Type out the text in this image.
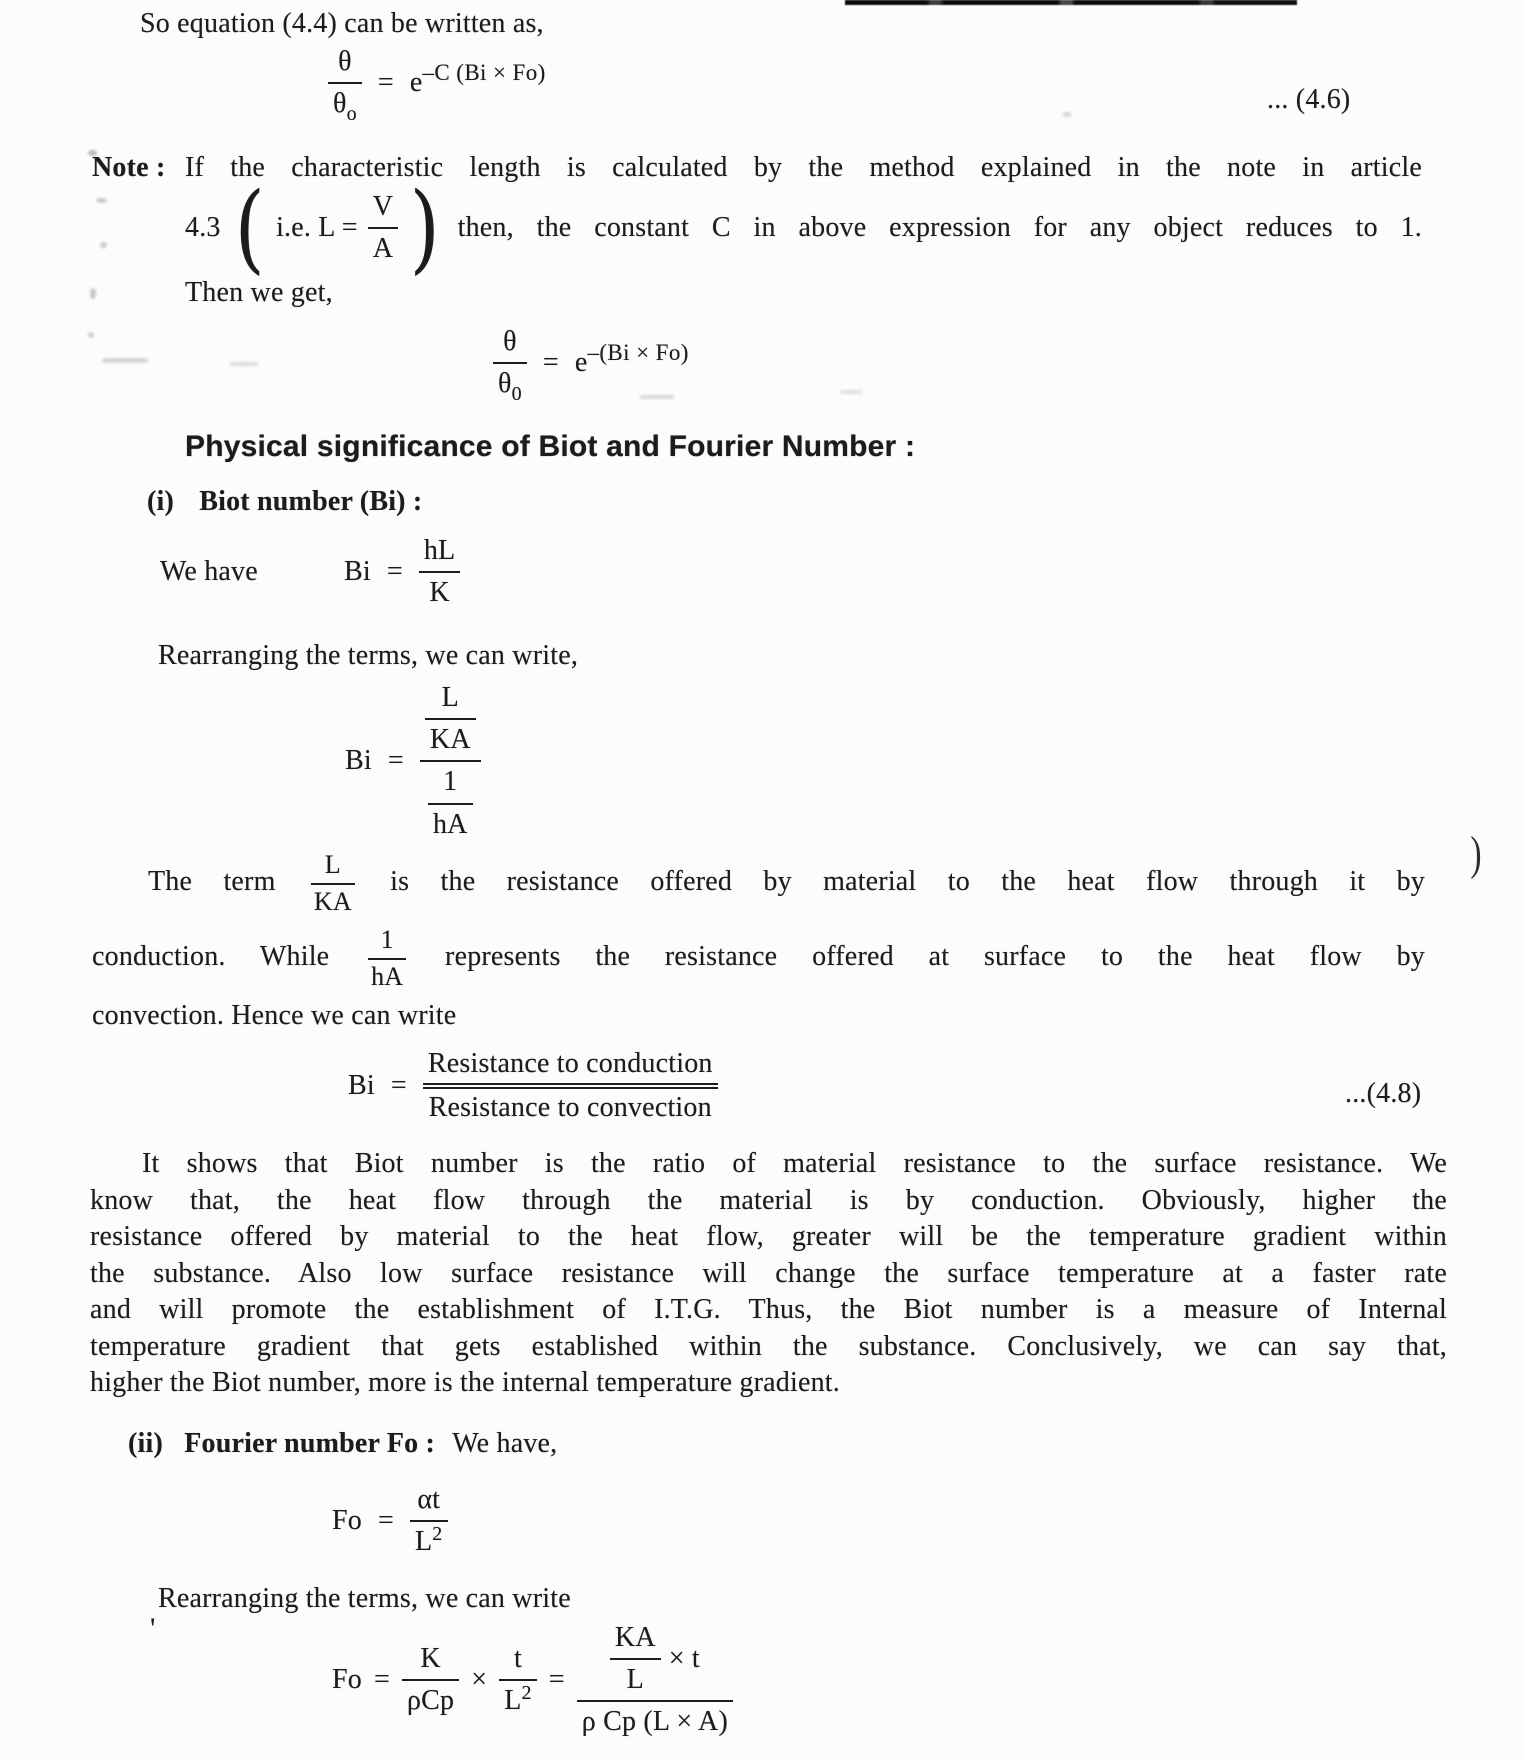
So equation (4.4) can be written as,
$\frac{\theta}{\theta_o} = e^{-C (Bi \times Fo)}$
... (4.6)
Note : If the characteristic length is calculated by the method explained in the note in article
4.3 ( i.e. $L = \frac{V}{A}$ ) then, the constant C in above expression for any object reduces to 1.
Then we get,
$\frac{\theta}{\theta_0} = e^{-(Bi \times Fo)}$
Physical significance of Biot and Fourier Number :
(i) Biot number (Bi) :
We have	$Bi = \frac{hL}{K}$
Rearranging the terms, we can write,
$Bi = \frac{\frac{L}{KA}}{\frac{1}{hA}}$
The term $\frac{L}{KA}$ is the resistance offered by material to the heat flow through it by
conduction. While $\frac{1}{hA}$ represents the resistance offered at surface to the heat flow by
convection. Hence we can write
Bi =
Resistance to conduction
Resistance to convection	...(4.8)
It shows that Biot number is the ratio of material resistance to the surface resistance. We
know that, the heat flow through the material is by conduction. Obviously, higher the
resistance offered by material to the heat flow, greater will be the temperature gradient within
the substance. Also low surface resistance will change the surface temperature at a faster rate
and will promote the establishment of I.T.G. Thus, the Biot number is a measure of Internal
temperature gradient that gets established within the substance. Conclusively, we can say that,
higher the Biot number, more is the internal temperature gradient.
(ii) Fourier number Fo : We have,
$Fo = \frac{\alpha t}{L^2}$
Rearranging the terms, we can write
'
$Fo = \frac{K}{\text{ρCp}} \times \frac{t}{L^2} = \frac{\frac{KA}{L} \times t}{\text{ρ Cp (L × A)}}$
)
